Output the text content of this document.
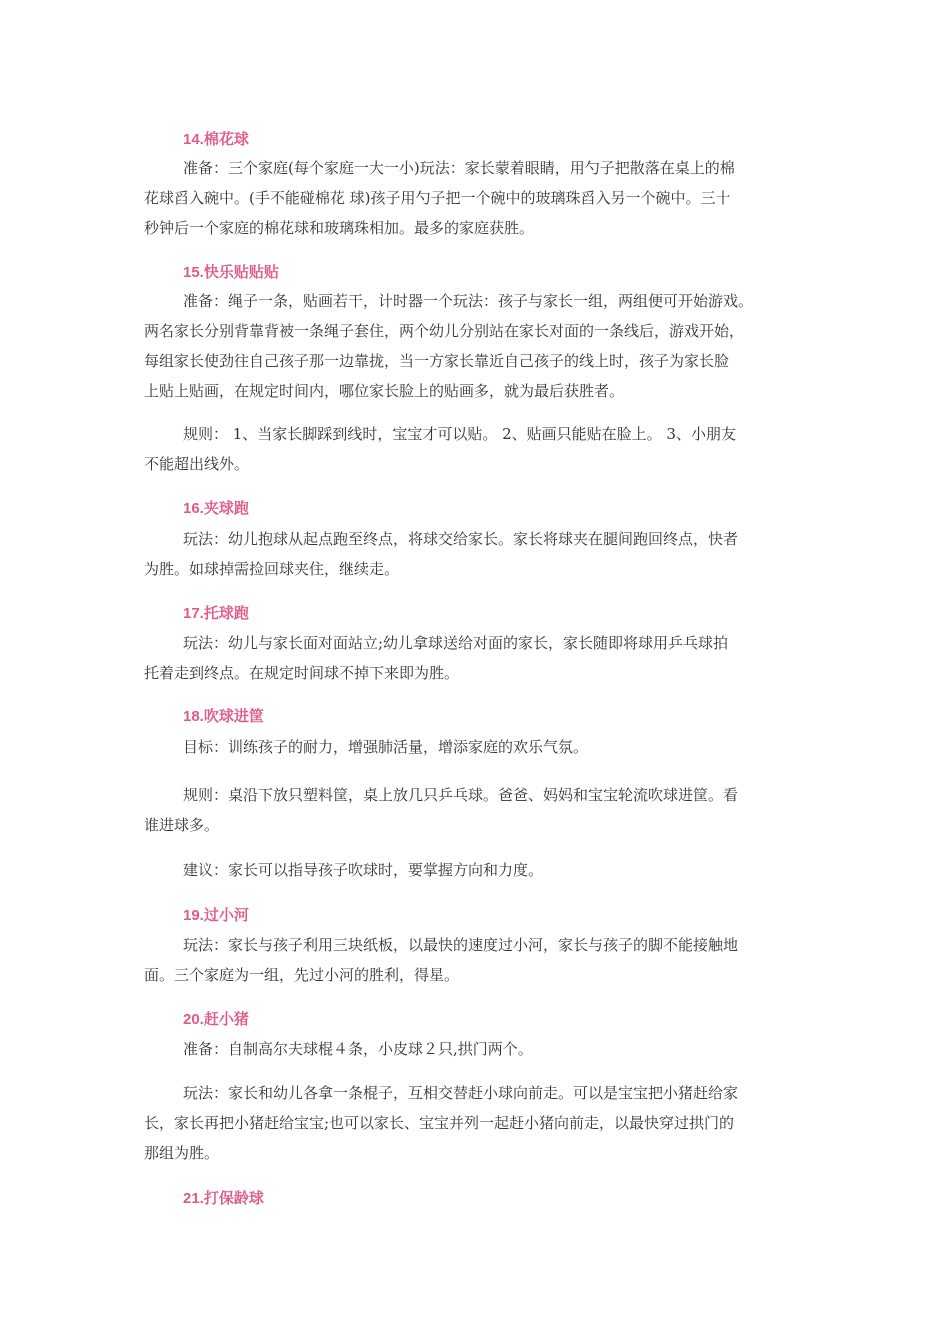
14.棉花球
准备：三个家庭(每个家庭一大一小)玩法：家长蒙着眼睛，用勺子把散落在桌上的棉
花球舀入碗中。(手不能碰棉花 球)孩子用勺子把一个碗中的玻璃珠舀入另一个碗中。三十
秒钟后一个家庭的棉花球和玻璃珠相加。最多的家庭获胜。
15.快乐贴贴贴
准备：绳子一条，贴画若干，计时器一个玩法：孩子与家长一组，两组便可开始游戏。
两名家长分别背靠背被一条绳子套住，两个幼儿分别站在家长对面的一条线后，游戏开始，
每组家长使劲往自己孩子那一边靠拢，当一方家长靠近自己孩子的线上时，孩子为家长脸
上贴上贴画，在规定时间内，哪位家长脸上的贴画多，就为最后获胜者。
规则： 1、当家长脚踩到线时，宝宝才可以贴。 2、贴画只能贴在脸上。 3、小朋友
不能超出线外。
16.夹球跑
玩法：幼儿抱球从起点跑至终点，将球交给家长。家长将球夹在腿间跑回终点，快者
为胜。如球掉需捡回球夹住，继续走。
17.托球跑
玩法：幼儿与家长面对面站立;幼儿拿球送给对面的家长，家长随即将球用乒乓球拍
托着走到终点。在规定时间球不掉下来即为胜。
18.吹球进筐
目标：训练孩子的耐力，增强肺活量，增添家庭的欢乐气氛。
规则：桌沿下放只塑料筐，桌上放几只乒乓球。爸爸、妈妈和宝宝轮流吹球进筐。看
谁进球多。
建议：家长可以指导孩子吹球时，要掌握方向和力度。
19.过小河
玩法：家长与孩子利用三块纸板，以最快的速度过小河，家长与孩子的脚不能接触地
面。三个家庭为一组，先过小河的胜利，得星。
20.赶小猪
准备：自制高尔夫球棍４条，小皮球２只,拱门两个。
玩法：家长和幼儿各拿一条棍子，互相交替赶小球向前走。可以是宝宝把小猪赶给家
长，家长再把小猪赶给宝宝;也可以家长、宝宝并列一起赶小猪向前走，以最快穿过拱门的
那组为胜。
21.打保龄球
